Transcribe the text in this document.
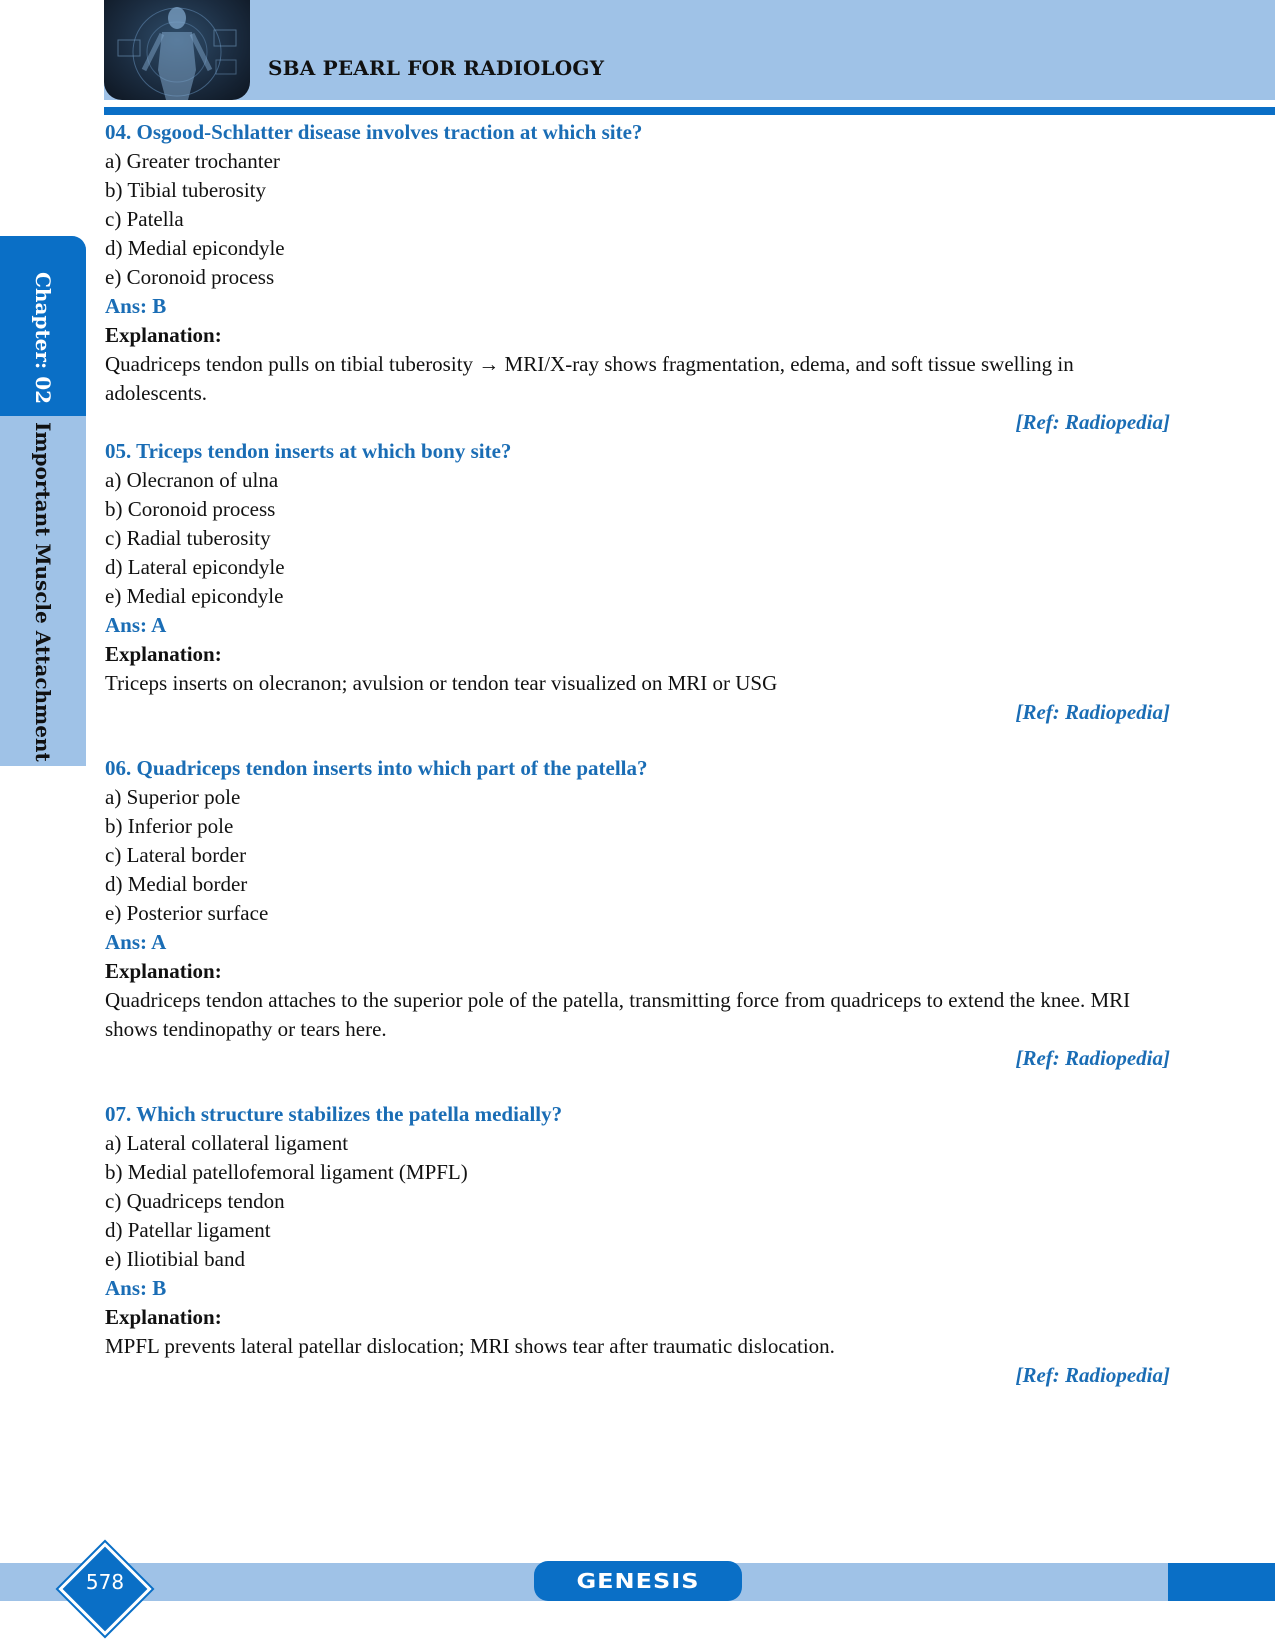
SBA PEARL FOR RADIOLOGY
Chapter: 02Important Muscle Attachment
04. Osgood-Schlatter disease involves traction at which site?
a) Greater trochanter
b) Tibial tuberosity
c) Patella
d) Medial epicondyle
e) Coronoid process
Ans: B
Explanation:
Quadriceps tendon pulls on tibial tuberosity → MRI/X-ray shows fragmentation, edema, and soft tissue swelling in adolescents.
[Ref: Radiopedia]
05. Triceps tendon inserts at which bony site?
a) Olecranon of ulna
b) Coronoid process
c) Radial tuberosity
d) Lateral epicondyle
e) Medial epicondyle
Ans: A
Explanation:
Triceps inserts on olecranon; avulsion or tendon tear visualized on MRI or USG
[Ref: Radiopedia]
06. Quadriceps tendon inserts into which part of the patella?
a) Superior pole
b) Inferior pole
c) Lateral border
d) Medial border
e) Posterior surface
Ans: A
Explanation:
Quadriceps tendon attaches to the superior pole of the patella, transmitting force from quadriceps to extend the knee. MRI shows tendinopathy or tears here.
[Ref: Radiopedia]
07. Which structure stabilizes the patella medially?
a) Lateral collateral ligament
b) Medial patellofemoral ligament (MPFL)
c) Quadriceps tendon
d) Patellar ligament
e) Iliotibial band
Ans: B
Explanation:
MPFL prevents lateral patellar dislocation; MRI shows tear after traumatic dislocation.
[Ref: Radiopedia]
GENESIS
578
